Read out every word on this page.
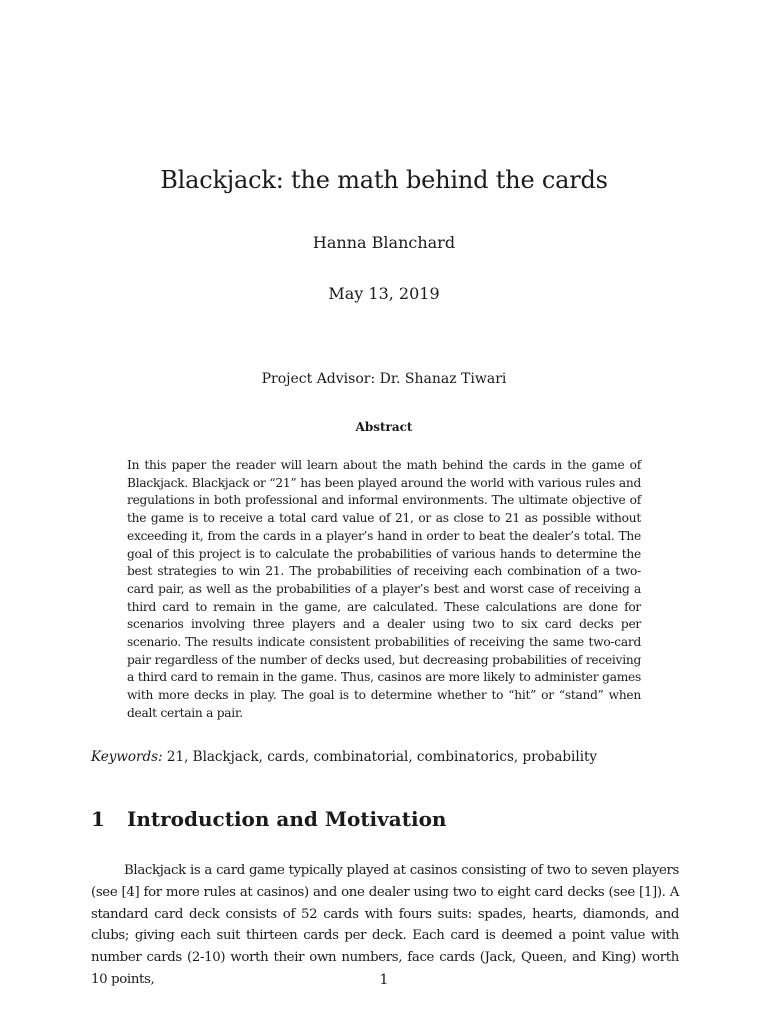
Blackjack: the math behind the cards
Hanna Blanchard
May 13, 2019
Project Advisor: Dr. Shanaz Tiwari
Abstract
In this paper the reader will learn about the math behind the cards in the game of Blackjack. Blackjack or “21” has been played around the world with various rules and regulations in both professional and informal environments. The ultimate objective of the game is to receive a total card value of 21, or as close to 21 as possible without exceeding it, from the cards in a player’s hand in order to beat the dealer’s total. The goal of this project is to calculate the probabilities of various hands to determine the best strategies to win 21. The probabilities of receiving each combination of a two-card pair, as well as the probabilities of a player’s best and worst case of receiving a third card to remain in the game, are calculated. These calculations are done for scenarios involving three players and a dealer using two to six card decks per scenario. The results indicate consistent probabilities of receiving the same two-card pair regardless of the number of decks used, but decreasing probabilities of receiving a third card to remain in the game. Thus, casinos are more likely to administer games with more decks in play. The goal is to determine whether to “hit” or “stand” when dealt certain a pair.
Keywords: 21, Blackjack, cards, combinatorial, combinatorics, probability
1 Introduction and Motivation
Blackjack is a card game typically played at casinos consisting of two to seven players (see [4] for more rules at casinos) and one dealer using two to eight card decks (see [1]). A standard card deck consists of 52 cards with fours suits: spades, hearts, diamonds, and clubs; giving each suit thirteen cards per deck. Each card is deemed a point value with number cards (2-10) worth their own numbers, face cards (Jack, Queen, and King) worth 10 points,	1
